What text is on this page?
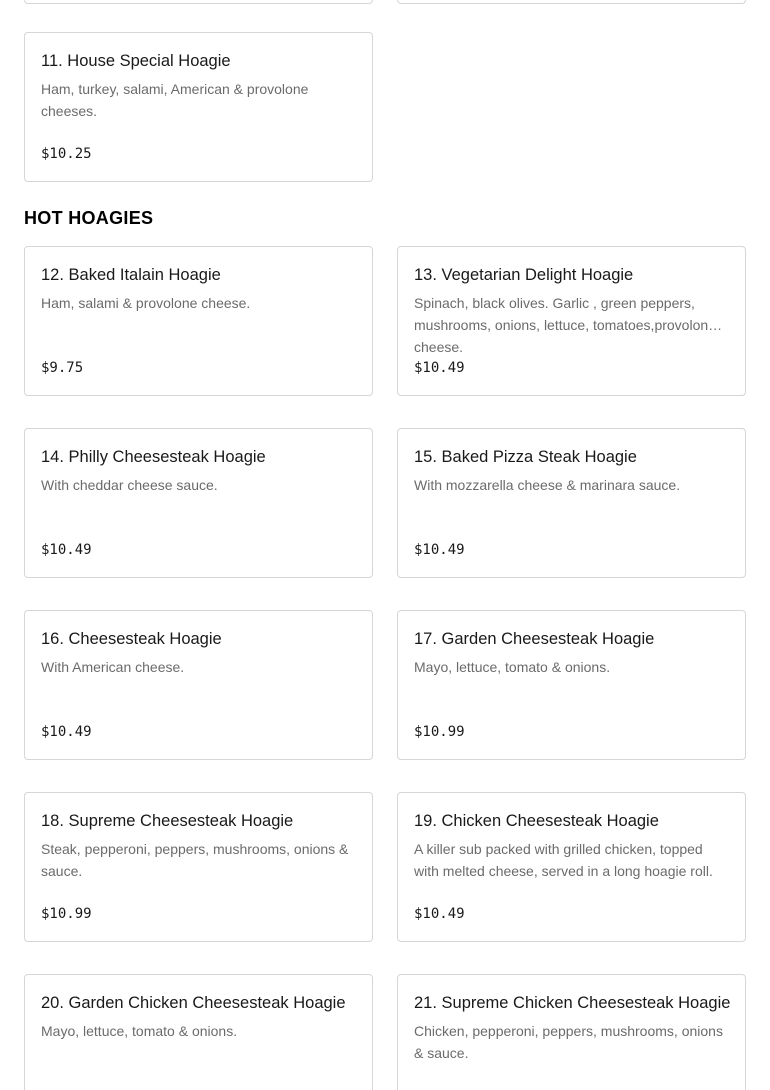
11. House Special Hoagie
Ham, turkey, salami, American & provolone cheeses.
$10.25
HOT HOAGIES
12. Baked Italain Hoagie
Ham, salami & provolone cheese.
$9.75
13. Vegetarian Delight Hoagie
Spinach, black olives. Garlic , green peppers, mushrooms, onions, lettuce, tomatoes,provolone cheese.
$10.49
14. Philly Cheesesteak Hoagie
With cheddar cheese sauce.
$10.49
15. Baked Pizza Steak Hoagie
With mozzarella cheese & marinara sauce.
$10.49
16. Cheesesteak Hoagie
With American cheese.
$10.49
17. Garden Cheesesteak Hoagie
Mayo, lettuce, tomato & onions.
$10.99
18. Supreme Cheesesteak Hoagie
Steak, pepperoni, peppers, mushrooms, onions & sauce.
$10.99
19. Chicken Cheesesteak Hoagie
A killer sub packed with grilled chicken, topped with melted cheese, served in a long hoagie roll.
$10.49
20. Garden Chicken Cheesesteak Hoagie
Mayo, lettuce, tomato & onions.
21. Supreme Chicken Cheesesteak Hoagie
Chicken, pepperoni, peppers, mushrooms, onions & sauce.
